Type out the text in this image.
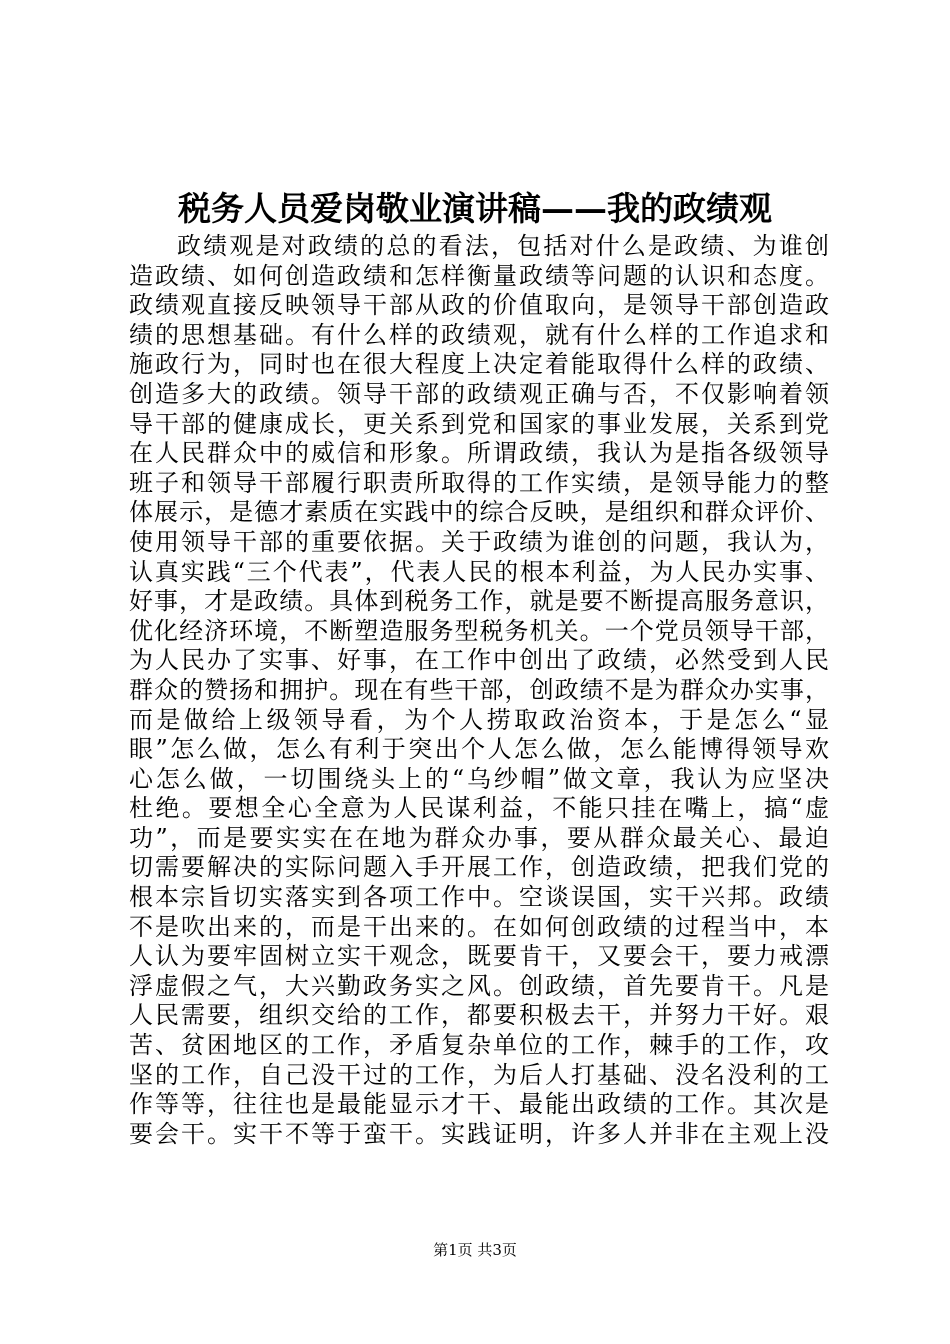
税务人员爱岗敬业演讲稿——我的政绩观
政绩观是对政绩的总的看法，包括对什么是政绩、为谁创
造政绩、如何创造政绩和怎样衡量政绩等问题的认识和态度。
政绩观直接反映领导干部从政的价值取向，是领导干部创造政
绩的思想基础。有什么样的政绩观，就有什么样的工作追求和
施政行为，同时也在很大程度上决定着能取得什么样的政绩、
创造多大的政绩。领导干部的政绩观正确与否，不仅影响着领
导干部的健康成长，更关系到党和国家的事业发展，关系到党
在人民群众中的威信和形象。所谓政绩，我认为是指各级领导
班子和领导干部履行职责所取得的工作实绩，是领导能力的整
体展示，是德才素质在实践中的综合反映，是组织和群众评价、
使用领导干部的重要依据。关于政绩为谁创的问题，我认为，
认真实践“三个代表”，代表人民的根本利益，为人民办实事、
好事，才是政绩。具体到税务工作，就是要不断提高服务意识，
优化经济环境，不断塑造服务型税务机关。一个党员领导干部，
为人民办了实事、好事，在工作中创出了政绩，必然受到人民
群众的赞扬和拥护。现在有些干部，创政绩不是为群众办实事，
而是做给上级领导看，为个人捞取政治资本，于是怎么“显
眼”怎么做，怎么有利于突出个人怎么做，怎么能博得领导欢
心怎么做，一切围绕头上的“乌纱帽”做文章，我认为应坚决
杜绝。要想全心全意为人民谋利益，不能只挂在嘴上，搞“虚
功”，而是要实实在在地为群众办事，要从群众最关心、最迫
切需要解决的实际问题入手开展工作，创造政绩，把我们党的
根本宗旨切实落实到各项工作中。空谈误国，实干兴邦。政绩
不是吹出来的，而是干出来的。在如何创政绩的过程当中，本
人认为要牢固树立实干观念，既要肯干，又要会干，要力戒漂
浮虚假之气，大兴勤政务实之风。创政绩，首先要肯干。凡是
人民需要，组织交给的工作，都要积极去干，并努力干好。艰
苦、贫困地区的工作，矛盾复杂单位的工作，棘手的工作，攻
坚的工作，自己没干过的工作，为后人打基础、没名没利的工
作等等，往往也是最能显示才干、最能出政绩的工作。其次是
要会干。实干不等于蛮干。实践证明，许多人并非在主观上没
第1页 共3页
